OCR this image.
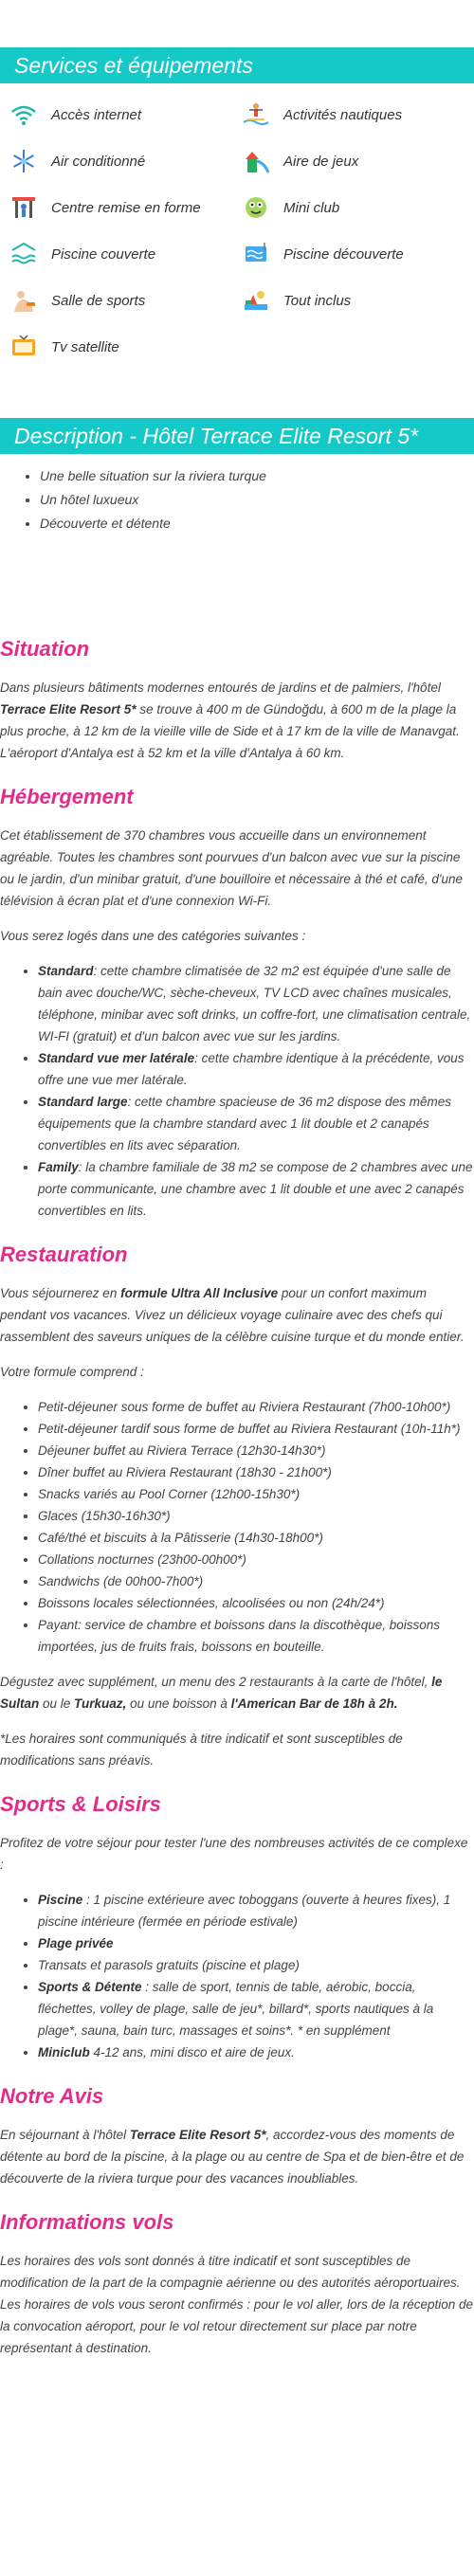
Services et équipements
Accès internet	Activités nautiques
Air conditionné	Aire de jeux
Centre remise en forme	Mini club
Piscine couverte	Piscine découverte
Salle de sports	Tout inclus
Tv satellite
Description - Hôtel Terrace Elite Resort 5*
• Une belle situation sur la riviera turque
• Un hôtel luxueux
• Découverte et détente
Situation

Dans plusieurs bâtiments modernes entourés de jardins et de palmiers, l'hôtel Terrace Elite Resort 5* se trouve à 400 m de Gündoğdu, à 600 m de la plage la plus proche, à 12 km de la vieille ville de Side et à 17 km de la ville de Manavgat. L'aéroport d'Antalya est à 52 km et la ville d'Antalya à 60 km.

Hébergement

Cet établissement de 370 chambres vous accueille dans un environnement agréable. Toutes les chambres sont pourvues d'un balcon avec vue sur la piscine ou le jardin, d'un minibar gratuit, d'une bouilloire et nécessaire à thé et café, d'une télévision à écran plat et d'une connexion Wi-Fi.

Vous serez logés dans une des catégories suivantes :

• Standard: cette chambre climatisée de 32 m2 est équipée d'une salle de bain avec douche/WC, sèche-cheveux, TV LCD avec chaînes musicales, téléphone, minibar avec soft drinks, un coffre-fort, une climatisation centrale, WI-FI (gratuit) et d'un balcon avec vue sur les jardins.
• Standard vue mer latérale: cette chambre identique à la précédente, vous offre une vue mer latérale.
• Standard large: cette chambre spacieuse de 36 m2 dispose des mêmes équipements que la chambre standard avec 1 lit double et 2 canapés convertibles en lits avec séparation.
• Family: la chambre familiale de 38 m2 se compose de 2 chambres avec une porte communicante, une chambre avec 1 lit double et une avec 2 canapés convertibles en lits.
Restauration

Vous séjournerez en formule Ultra All Inclusive pour un confort maximum pendant vos vacances. Vivez un délicieux voyage culinaire avec des chefs qui rassemblent des saveurs uniques de la célèbre cuisine turque et du monde entier.

Votre formule comprend :

• Petit-déjeuner sous forme de buffet au Riviera Restaurant (7h00-10h00*)
• Petit-déjeuner tardif sous forme de buffet au Riviera Restaurant (10h-11h*)
• Déjeuner buffet au Riviera Terrace (12h30-14h30*)
• Dîner buffet au Riviera Restaurant (18h30 - 21h00*)
• Snacks variés au Pool Corner (12h00-15h30*)
• Glaces (15h30-16h30*)
• Café/thé et biscuits à la Pâtisserie (14h30-18h00*)
• Collations nocturnes (23h00-00h00*)
• Sandwichs (de 00h00-7h00*)
• Boissons locales sélectionnées, alcoolisées ou non (24h/24*)
• Payant: service de chambre et boissons dans la discothèque, boissons importées, jus de fruits frais, boissons en bouteille.

Dégustez avec supplément, un menu des 2 restaurants à la carte de l'hôtel, le Sultan ou le Turkuaz, ou une boisson à l'American Bar de 18h à 2h.

*Les horaires sont communiqués à titre indicatif et sont susceptibles de modifications sans préavis.

Sports & Loisirs

Profitez de votre séjour pour tester l'une des nombreuses activités de ce complexe :

• Piscine : 1 piscine extérieure avec toboggans (ouverte à heures fixes), 1 piscine intérieure (fermée en période estivale)
• Plage privée
• Transats et parasols gratuits (piscine et plage)
• Sports & Détente : salle de sport, tennis de table, aérobic, boccia, fléchettes, volley de plage, salle de jeu*, billard*, sports nautiques à la plage*, sauna, bain turc, massages et soins*. * en supplément
• Miniclub 4-12 ans, mini disco et aire de jeux.
Notre Avis

En séjournant à l'hôtel Terrace Elite Resort 5*, accordez-vous des moments de détente au bord de la piscine, à la plage ou au centre de Spa et de bien-être et de découverte de la riviera turque pour des vacances inoubliables.

Informations vols

Les horaires des vols sont donnés à titre indicatif et sont susceptibles de modification de la part de la compagnie aérienne ou des autorités aéroportuaires.
Les horaires de vols vous seront confirmés : pour le vol aller, lors de la réception de la convocation aéroport, pour le vol retour directement sur place par notre représentant à destination.
